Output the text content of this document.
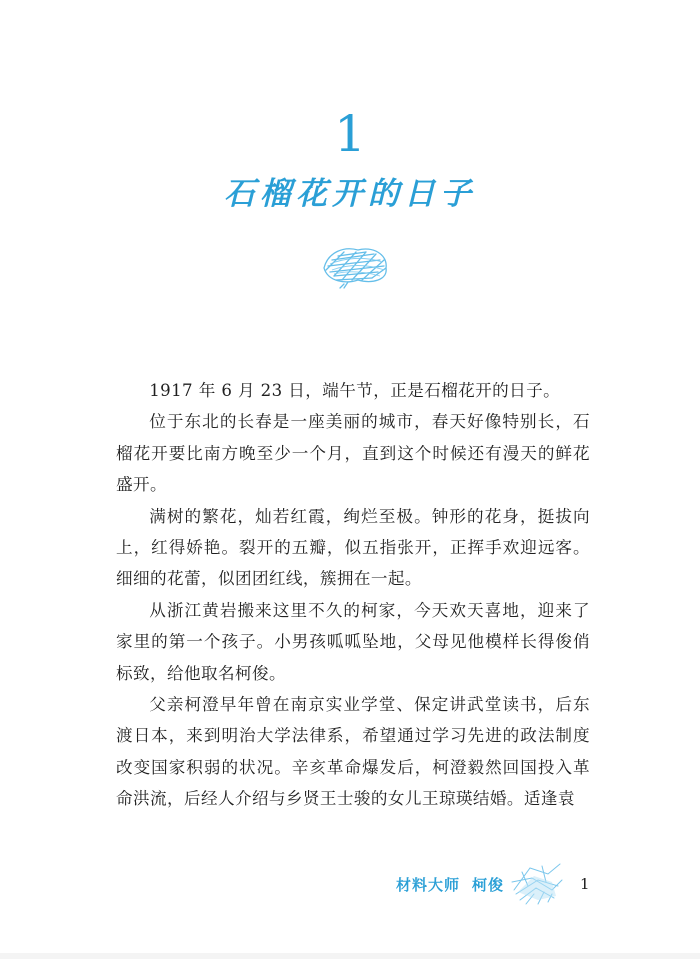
1
石榴花开的日子

1917 年 6 月 23 日，端午节，正是石榴花开的日子。

位于东北的长春是一座美丽的城市，春天好像特别长，石榴花开要比南方晚至少一个月，直到这个时候还有漫天的鲜花盛开。

满树的繁花，灿若红霞，绚烂至极。钟形的花身，挺拔向上，红得娇艳。裂开的五瓣，似五指张开，正挥手欢迎远客。细细的花蕾，似团团红线，簇拥在一起。

从浙江黄岩搬来这里不久的柯家，今天欢天喜地，迎来了家里的第一个孩子。小男孩呱呱坠地，父母见他模样长得俊俏标致，给他取名柯俊。

父亲柯澄早年曾在南京实业学堂、保定讲武堂读书，后东渡日本，来到明治大学法律系，希望通过学习先进的政法制度改变国家积弱的状况。辛亥革命爆发后，柯澄毅然回国投入革命洪流，后经人介绍与乡贤王士骏的女儿王琼瑛结婚。适逢袁

材料大师 柯俊	1
